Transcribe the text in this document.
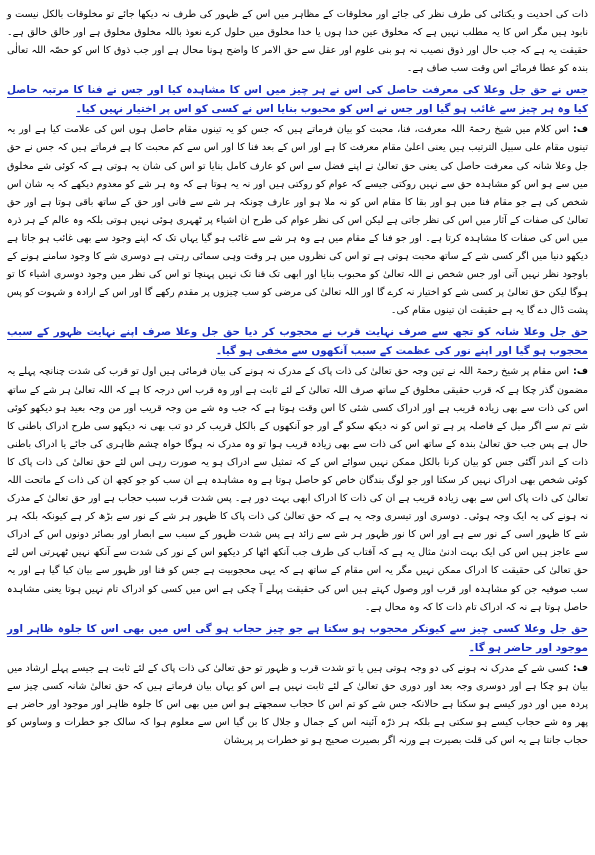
ذات کی احدیت و یکتائی کی طرف نظر کی جائے اور مخلوقات کے مظاہر میں اس کے ظہور کی طرف نہ دیکھا جائے تو مخلوقات بالکل نیست و نابود ہیں مگر اس کا یہ مطلب نہیں ہے کہ مخلوق عین خدا ہوں یا خدا مخلوق میں حلول کرے نعوذ باللہ مخلوق مخلوق ہے اور خالق خالق ہے۔ حقیقت یہ ہے کہ جب حال اور ذوق نصیب نہ ہو بنی علوم اور عقل سے حق الامر کا واضح ہونا محال ہے اور جب ذوق کا اس کو حصّہ اللہ تعالٰی بندہ کو عطا فرمائے اس وقت سب صاف ہے۔

جس نے حق جل وعلا کی معرفت حاصل کی اس نے ہر چیز میں اس کا مشاہدہ کیا اور جس نے فنا کا مرتبہ حاصل کیا وہ ہر چیز سے غائب ہو گیا اور جس نے اس کو محبوب بنایا اس نے کسی کو اس پر اختیار نہیں کیا۔

ف:اس کلام میں شیخ رحمۃ اللہ معرفت، فنا، محبت کو بیان فرماتے ہیں کہ جس کو یہ تینوں مقام حاصل ہوں اس کی علامت کیا ہے اور یہ تینوں مقام علی سبیل الترتیب ہیں یعنی اعلیٰ مقام معرفت کا ہے اور اس کے بعد فنا کا اور اس سے کم محبت کا ہے فرماتے ہیں کہ جس نے حق جل وعلا شانہ کی معرفت حاصل کی یعنی حق تعالیٰ نے اپنے فضل سے اس کو عارف کامل بنایا تو اس کی شان یہ ہوتی ہے کہ کوئی شے مخلوق میں سے ہو اس کو مشاہدہ حق سے نہیں روکتی جیسے کہ عوام کو روکتی ہیں اور نہ یہ ہوتا ہے کہ وہ ہر شے کو معدوم دیکھے کہ یہ شان اس شخص کی ہے جو مقام فنا میں ہو اور بقا کا مقام اس کو نہ ملا ہو اور عارف چونکہ ہر شے سے فانی اور حق کے ساتھ باقی ہوتا ہے اور حق تعالیٰ کی صفات کے آثار میں اس کی نظر جاتی ہے لیکن اس کی نظر عوام کی طرح ان اشیاء پر ٹھہری ہوئی نہیں ہوتی بلکہ وہ عالم کے ہر ذرہ میں اس کی صفات کا مشاہدہ کرتا ہے۔ اور جو فنا کے مقام میں ہے وہ ہر شے سے غائب ہو گیا یہاں تک کہ اپنے وجود سے بھی غائب ہو جاتا ہے دیکھو دنیا میں اگر کسی شے کے ساتھ محبت ہوتی ہے تو اس کی نظروں میں ہر وقت وہی سمائی رہتی ہے دوسری شے کا وجود سامنے ہونے کے باوجود نظر نہیں آتی اور جس شخص نے اللہ تعالیٰ کو محبوب بنایا اور ابھی تک فنا تک نہیں پہنچا تو اس کی نظر میں وجود دوسری اشیاء کا تو ہوگا لیکن حق تعالیٰ پر کسی شے کو اختیار نہ کرے گا اور اللہ تعالیٰ کی مرضی کو سب چیزوں پر مقدم رکھے گا اور اس کے ارادہ و شہوت کو پس پشت ڈال دے گا یہ ہے حقیقت ان تینوں مقام کی۔

حق جل وعلا شانہ کو تجھ سے صرف نہایت قرب نے محجوب کر دیا حق جل وعلا صرف اپنے نہایت ظہور کے سبب محجوب ہو گیا اور اپنے نور کی عظمت کے سبب آنکھوں سے مخفی ہو گیا۔

ف:اس مقام پر شیخ رحمۃ اللہ نے تین وجہ حق تعالیٰ کی ذات پاک کے مدرک نہ ہونے کی بیان فرمائی ہیں اول تو قرب کی شدت چنانچہ پہلے یہ مضمون گذر چکا ہے کہ قرب حقیقی مخلوق کے ساتھ صرف اللہ تعالیٰ کے لئے ثابت ہے اور وہ قرب اس درجہ کا ہے کہ اللہ تعالیٰ ہر شے کے ساتھ اس کی ذات سے بھی زیادہ قریب ہے اور ادراک کسی شئی کا اس وقت ہوتا ہے کہ جب وہ شے من وجہ قریب اور من وجہ بعید ہو دیکھو کوئی شے تم سے اگر میل کے فاصلہ پر ہے تو اس کو نہ دیکھ سکو گے اور جو آنکھوں کے بالکل قریب کر دو تب بھی نہ دیکھو سی طرح ادراک باطنی کا حال ہے پس جب حق تعالیٰ بندہ کے ساتھ اس کی ذات سے بھی زیادہ قریب ہوا تو وہ مدرک نہ ہوگا خواہ چشم ظاہری کی جائے یا ادراک باطنی ذات کے اندر آگئی جس کو بیان کرنا بالکل ممکن نہیں سوائے اس کے کہ تمثیل سے ادراک ہو یہ صورت رہی اس لئے حق تعالیٰ کی ذات پاک کا کوئی شخص بھی ادراک نہیں کر سکتا اور جو لوگ بندگان خاص کو حاصل ہوتا ہے وہ مشاہدہ ہے ان سب کو جو کچھ ان کی ذات کے ماتحت اللہ تعالیٰ کی ذات پاک اس سے بھی زیادہ قریب ہے ان کی ذات کا ادراک ابھی بہت دور ہے۔ پس شدت قرب سبب حجاب ہے اور حق تعالیٰ کے مدرک نہ ہونے کی یہ ایک وجہ ہوئی۔ دوسری اور تیسری وجہ یہ ہے کہ حق تعالیٰ کی ذات پاک کا ظہور ہر شے کے نور سے بڑھ کر ہے کیونکہ بلکہ ہر شے کا ظہور اسی کے نور سے ہے اور اس کا نور ظہور ہر شے سے زائد ہے پس شدت ظہور کے سبب سے ابصار اور بصائر دونوں اس کے ادراک سے عاجز ہیں اس کی ایک بہت ادنیٰ مثال یہ ہے کہ آفتاب کی طرف جب آنکھ اٹھا کر دیکھو اس کے نور کی شدت سے آنکھ نہیں ٹھہرتی اس لئے حق تعالیٰ کی حقیقت کا ادراک ممکن نہیں مگر یہ اس مقام کے ساتھ ہے کہ یہی محجوبیت ہے جس کو فنا اور ظہور سے بیان کیا گیا ہے اور یہ سب صوفیہ جن کو مشاہدہ اور قرب اور وصول کہتے ہیں اس کی حقیقت پہلے آ چکی ہے اس میں کسی کو ادراک تام نہیں ہوتا یعنی مشاہدہ حاصل ہوتا ہے نہ کہ ادراک تام ذات کا کہ وہ محال ہے۔

حق جل وعلا کسی چیز سے کیونکر محجوب ہو سکتا ہے جو چیز حجاب ہو گی اس میں بھی اس کا جلوہ ظاہر اور موجود اور حاضر ہو گا۔

ف:کسی شے کے مدرک نہ ہونے کی دو وجہ ہوتی ہیں یا تو شدت قرب و ظہور تو حق تعالیٰ کی ذات پاک کے لئے ثابت ہے جیسے پہلے ارشاد میں بیان ہو چکا ہے اور دوسری وجہ بعد اور دوری حق تعالیٰ کے لئے ثابت نہیں ہے اس کو یہاں بیان فرماتے ہیں کہ حق تعالیٰ شانہ کسی چیز سے پردہ میں اور دور کیسے ہو سکتا ہے حالانکہ جس شے کو تم اس کا حجاب سمجھتے ہو اس میں بھی اس کا جلوہ ظاہر اور موجود اور حاضر ہے پھر وہ شے حجاب کیسے ہو سکتی ہے بلکہ ہر ذرّہ آئینہ اس کے جمال و جلال کا بن گیا اس سے معلوم ہوا کہ سالک جو خطرات و وساوس کو حجاب جانتا ہے یہ اس کی قلت بصیرت ہے ورنہ اگر بصیرت صحیح ہو تو خطرات پر پریشان
